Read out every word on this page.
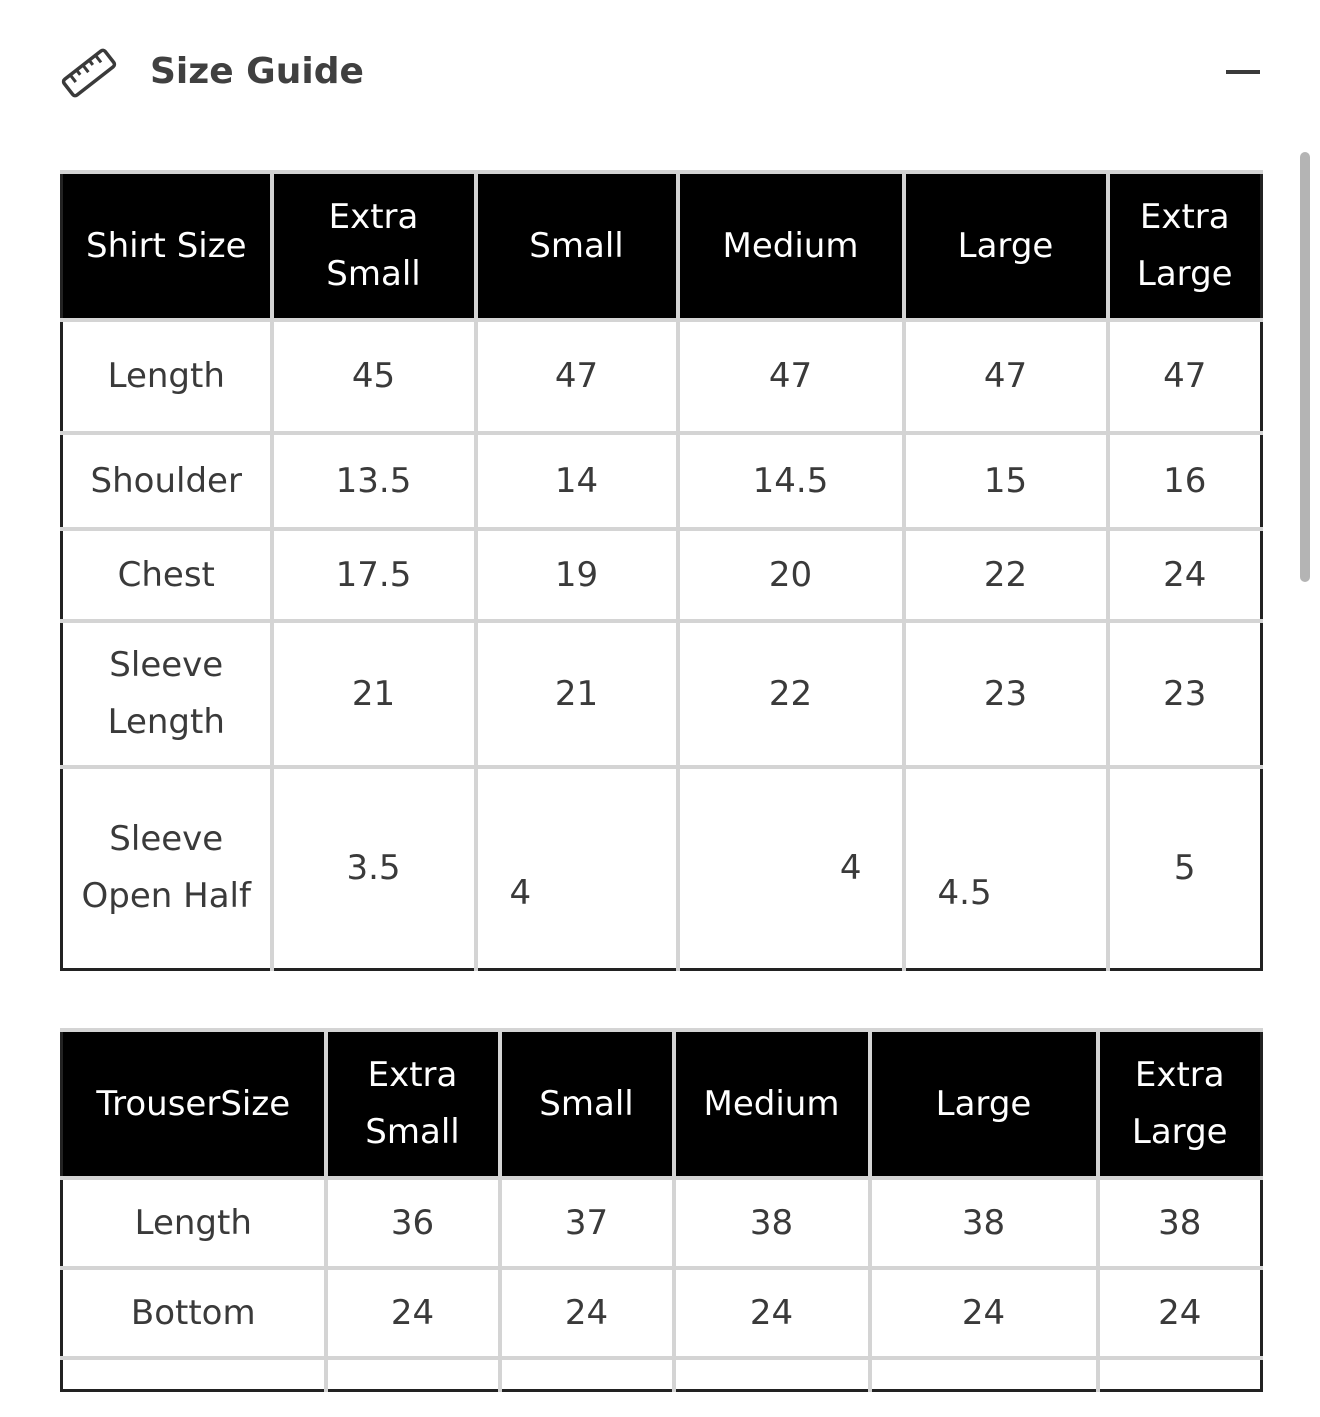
Size Guide
Shirt Size	Extra Small	Small	Medium	Large	Extra Large
Length	45	47	47	47	47
Shoulder	13.5	14	14.5	15	16
Chest	17.5	19	20	22	24
Sleeve Length	21	21	22	23	23
Sleeve Open Half	3.5	4	4	4.5	5
TrouserSize	Extra Small	Small	Medium	Large	Extra Large
Length	36	37	38	38	38
Bottom	24	24	24	24	24
